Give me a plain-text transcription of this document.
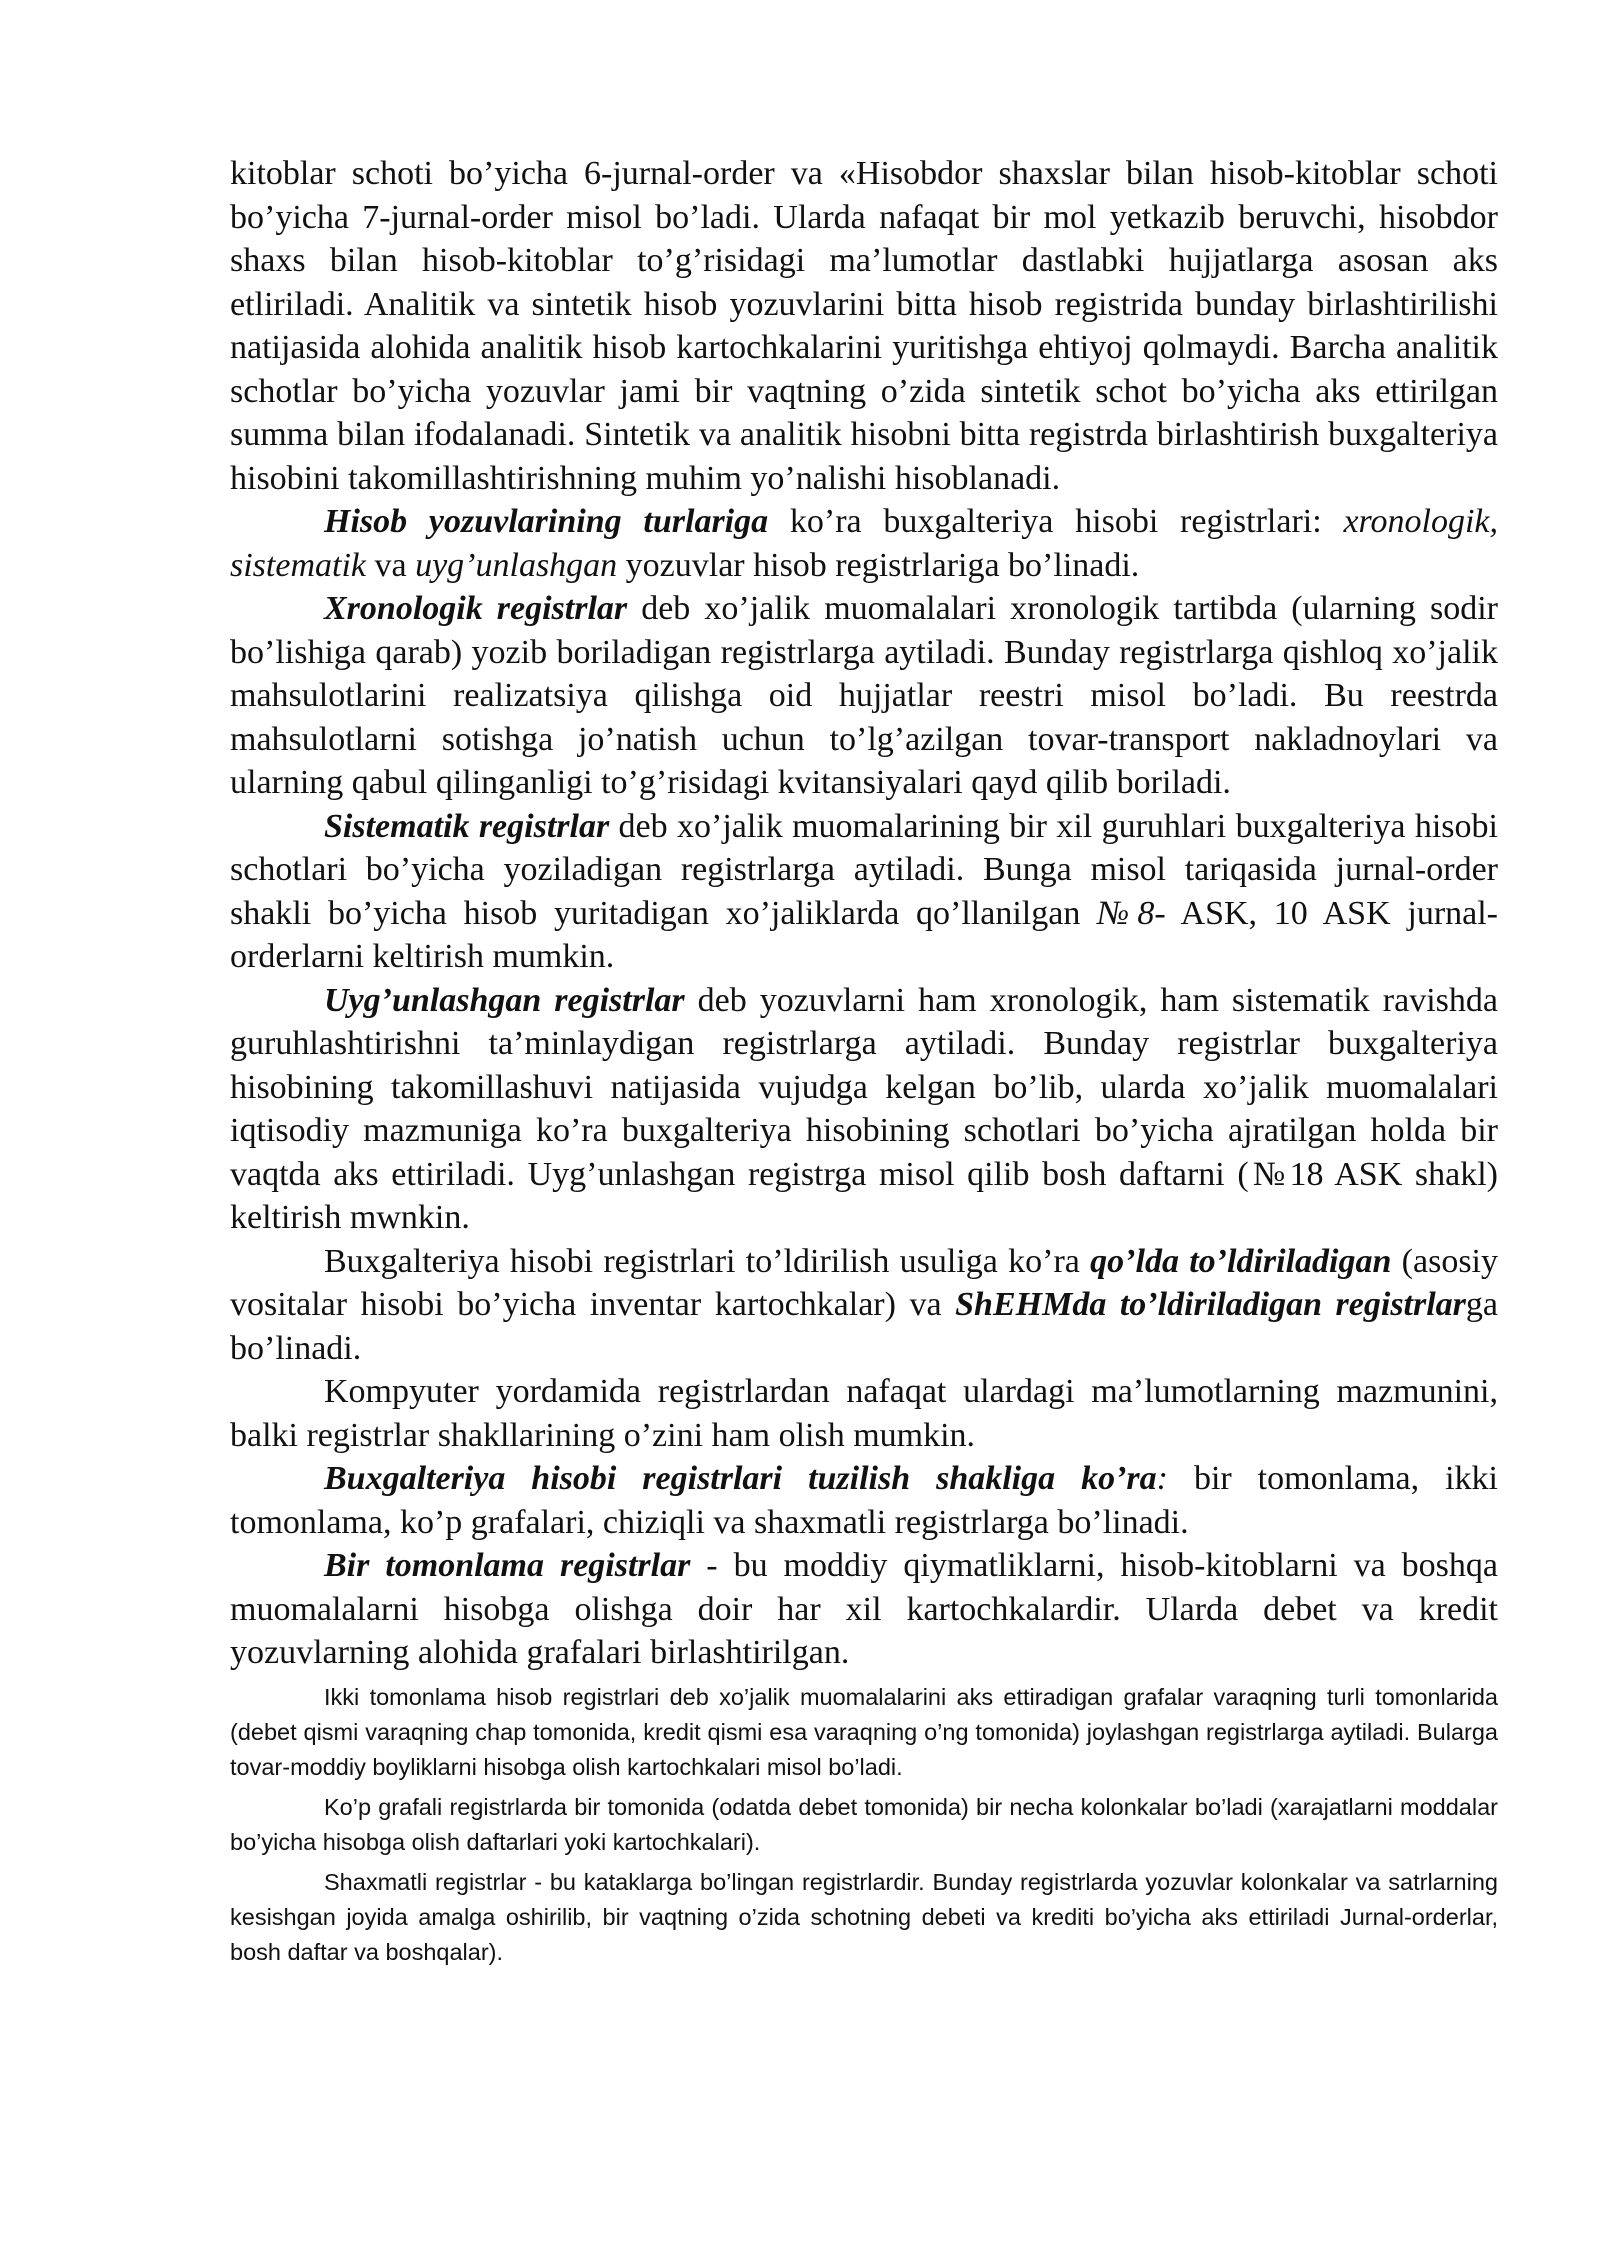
kitoblar schoti bo’yicha 6-jurnal-order va «Hisobdor shaxslar bilan hisob-kitoblar schoti bo’yicha 7-jurnal-order misol bo’ladi. Ularda nafaqat bir mol yetkazib beruvchi, hisobdor shaxs bilan hisob-kitoblar to’g’risidagi ma’lumotlar dastlabki hujjatlarga asosan aks etliriladi. Analitik va sintetik hisob yozuvlarini bitta hisob registrida bunday birlashtirilishi natijasida alohida analitik hisob kartochkalarini yuritishga ehtiyoj qolmaydi. Barcha analitik schotlar bo’yicha yozuvlar jami bir vaqtning o’zida sintetik schot bo’yicha aks ettirilgan summa bilan ifodalanadi. Sintetik va analitik hisobni bitta registrda birlashtirish buxgalteriya hisobini takomillashtirishning muhim yo’nalishi hisoblanadi.

Hisob yozuvlarining turlariga ko’ra buxgalteriya hisobi registrlari: xronologik, sistematik va uyg’unlashgan yozuvlar hisob registrlariga bo’linadi.

Xronologik registrlar deb xo’jalik muomalalari xronologik tartibda (ularning sodir bo’lishiga qarab) yozib boriladigan registrlarga aytiladi. Bunday registrlarga qishloq xo’jalik mahsulotlarini realizatsiya qilishga oid hujjatlar reestri misol bo’ladi. Bu reestrda mahsulotlarni sotishga jo’natish uchun to’lg’azilgan tovar-transport nakladnoylari va ularning qabul qilinganligi to’g’risidagi kvitansiyalari qayd qilib boriladi.

Sistematik registrlar deb xo’jalik muomalarining bir xil guruhlari buxgalteriya hisobi schotlari bo’yicha yoziladigan registrlarga aytiladi. Bunga misol tariqasida jurnal-order shakli bo’yicha hisob yuritadigan xo’jaliklarda qo’llanilgan №8- ASK, 10 ASK jurnal-orderlarni keltirish mumkin.

Uyg’unlashgan registrlar deb yozuvlarni ham xronologik, ham sistematik ravishda guruhlashtirishni ta’minlaydigan registrlarga aytiladi. Bunday registrlar buxgalteriya hisobining takomillashuvi natijasida vujudga kelgan bo’lib, ularda xo’jalik muomalalari iqtisodiy mazmuniga ko’ra buxgalteriya hisobining schotlari bo’yicha ajratilgan holda bir vaqtda aks ettiriladi. Uyg’unlashgan registrga misol qilib bosh daftarni (№18 ASK shakl) keltirish mwnkin.

Buxgalteriya hisobi registrlari to’ldirilish usuliga ko’ra qo’lda to’ldiriladigan (asosiy vositalar hisobi bo’yicha inventar kartochkalar) va ShEHMda to’ldiriladigan registrlarga bo’linadi.

Kompyuter yordamida registrlardan nafaqat ulardagi ma’lumotlarning mazmunini, balki registrlar shakllarining o’zini ham olish mumkin.

Buxgalteriya hisobi registrlari tuzilish shakliga ko’ra: bir tomonlama, ikki tomonlama, ko’p grafalari, chiziqli va shaxmatli registrlarga bo’linadi.

Bir tomonlama registrlar - bu moddiy qiymatliklarni, hisob-kitoblarni va boshqa muomalalarni hisobga olishga doir har xil kartochkalardir. Ularda debet va kredit yozuvlarning alohida grafalari birlashtirilgan.

Ikki tomonlama hisob registrlari deb xo’jalik muomalalarini aks ettiradigan grafalar varaqning turli tomonlarida (debet qismi varaqning chap tomonida, kredit qismi esa varaqning o’ng tomonida) joylashgan registrlarga aytiladi. Bularga tovar-moddiy boyliklarni hisobga olish kartochkalari misol bo’ladi.

Ko’p grafali registrlarda bir tomonida (odatda debet tomonida) bir necha kolonkalar bo’ladi (xarajatlarni moddalar bo’yicha hisobga olish daftarlari yoki kartochkalari).

Shaxmatli registrlar - bu kataklarga bo’lingan registrlardir. Bunday registrlarda yozuvlar kolonkalar va satrlarning kesishgan joyida amalga oshirilib, bir vaqtning o’zida schotning debeti va krediti bo’yicha aks ettiriladi Jurnal-orderlar, bosh daftar va boshqalar).
